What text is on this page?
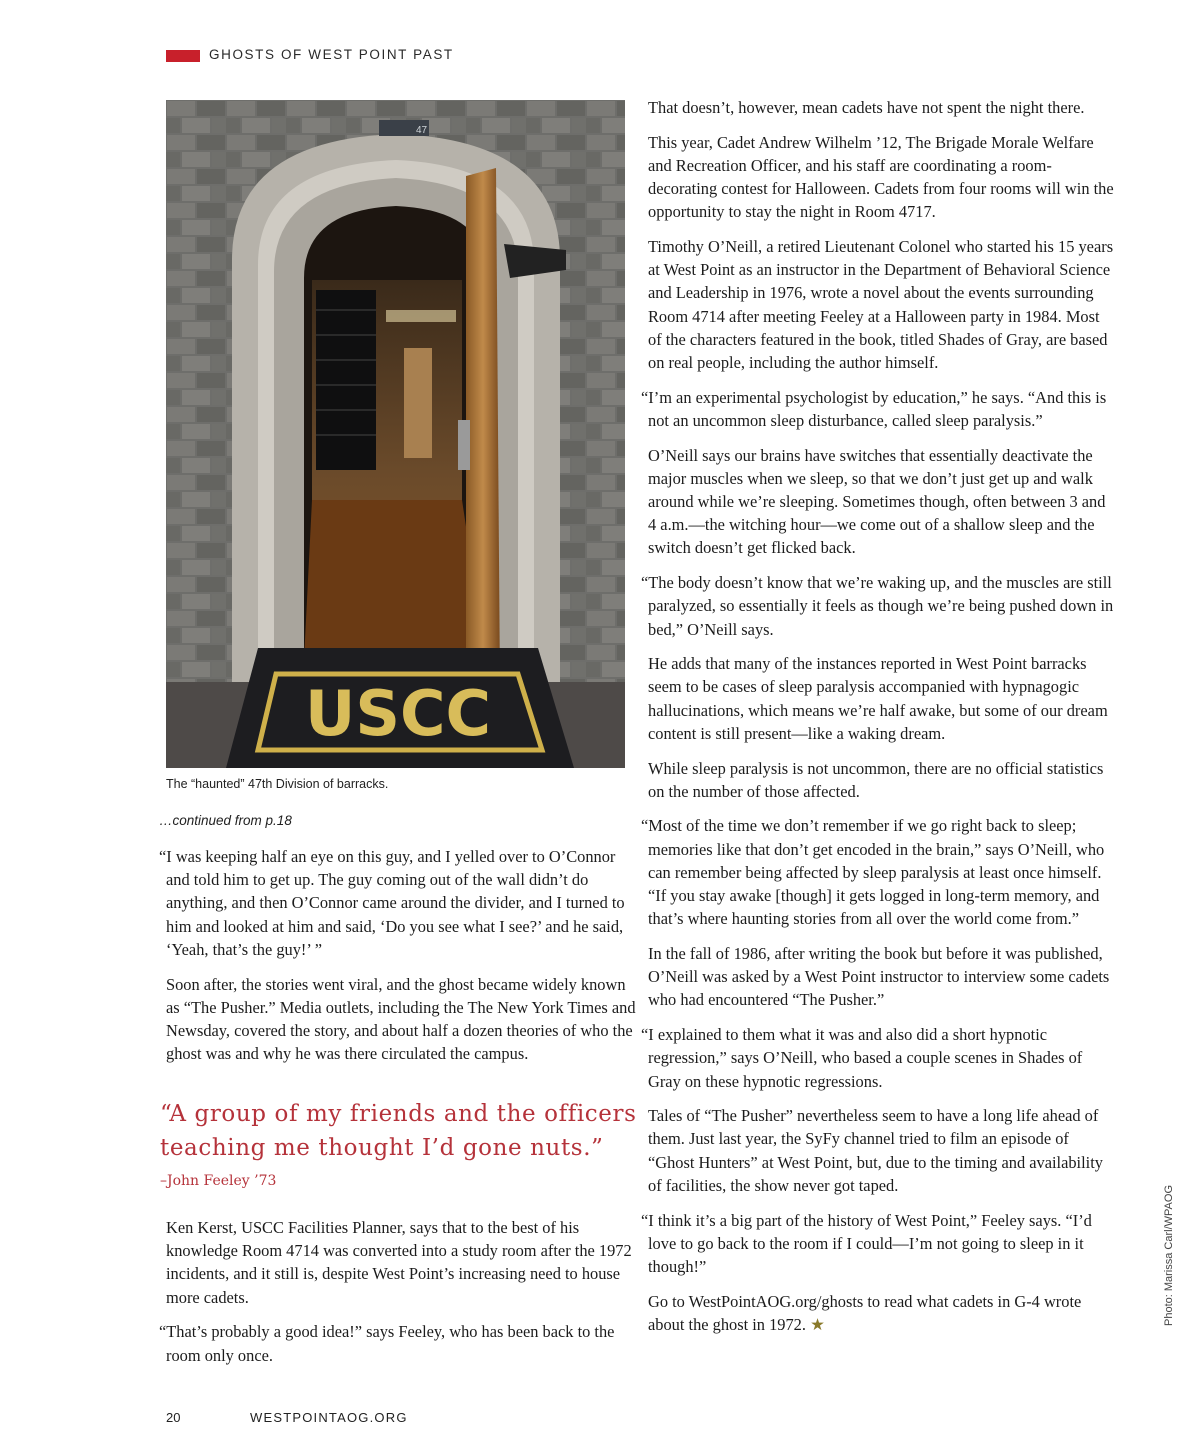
GHOSTS OF WEST POINT PAST
47
USCC
The “haunted” 47th Division of barracks.
…continued from p.18

“I was keeping half an eye on this guy, and I yelled over to O’Connor and told him to get up. The guy coming out of the wall didn’t do anything, and then O’Connor came around the divider, and I turned to him and looked at him and said, ‘Do you see what I see?’ and he said, ‘Yeah, that’s the guy!’ ”

Soon after, the stories went viral, and the ghost became widely known as “The Pusher.” Media outlets, including the The New York Times and Newsday, covered the story, and about half a dozen theories of who the ghost was and why he was there circulated the campus.

“A group of my friends and the officers teaching me thought I’d gone nuts.”
–John Feeley ’73

Ken Kerst, USCC Facilities Planner, says that to the best of his knowledge Room 4714 was converted into a study room after the 1972 incidents, and it still is, despite West Point’s increasing need to house more cadets.

“That’s probably a good idea!” says Feeley, who has been back to the room only once.

That doesn’t, however, mean cadets have not spent the night there.

This year, Cadet Andrew Wilhelm ’12, The Brigade Morale Welfare and Recreation Officer, and his staff are coordinating a room-decorating contest for Halloween. Cadets from four rooms will win the opportunity to stay the night in Room 4717.

Timothy O’Neill, a retired Lieutenant Colonel who started his 15 years at West Point as an instructor in the Department of Behavioral Science and Leadership in 1976, wrote a novel about the events surrounding Room 4714 after meeting Feeley at a Halloween party in 1984. Most of the characters featured in the book, titled Shades of Gray, are based on real people, including the author himself.

“I’m an experimental psychologist by education,” he says. “And this is not an uncommon sleep disturbance, called sleep paralysis.”

O’Neill says our brains have switches that essentially deactivate the major muscles when we sleep, so that we don’t just get up and walk around while we’re sleeping. Sometimes though, often between 3 and 4 a.m.—the witching hour—we come out of a shallow sleep and the switch doesn’t get flicked back.

“The body doesn’t know that we’re waking up, and the muscles are still paralyzed, so essentially it feels as though we’re being pushed down in bed,” O’Neill says.

He adds that many of the instances reported in West Point barracks seem to be cases of sleep paralysis accompanied with hypnagogic hallucinations, which means we’re half awake, but some of our dream content is still present—like a waking dream.

While sleep paralysis is not uncommon, there are no official statistics on the number of those affected.

“Most of the time we don’t remember if we go right back to sleep; memories like that don’t get encoded in the brain,” says O’Neill, who can remember being affected by sleep paralysis at least once himself. “If you stay awake [though] it gets logged in long-term memory, and that’s where haunting stories from all over the world come from.”

In the fall of 1986, after writing the book but before it was published, O’Neill was asked by a West Point instructor to interview some cadets who had encountered “The Pusher.”

“I explained to them what it was and also did a short hypnotic regression,” says O’Neill, who based a couple scenes in Shades of Gray on these hypnotic regressions.

Tales of “The Pusher” nevertheless seem to have a long life ahead of them. Just last year, the SyFy channel tried to film an episode of “Ghost Hunters” at West Point, but, due to the timing and availability of facilities, the show never got taped.

“I think it’s a big part of the history of West Point,” Feeley says. “I’d love to go back to the room if I could—I’m not going to sleep in it though!”

Go to WestPointAOG.org/ghosts to read what cadets in G-4 wrote about the ghost in 1972. ★	Photo: Marissa Carl/WPAOG
20	WESTPOINTAOG.ORG
